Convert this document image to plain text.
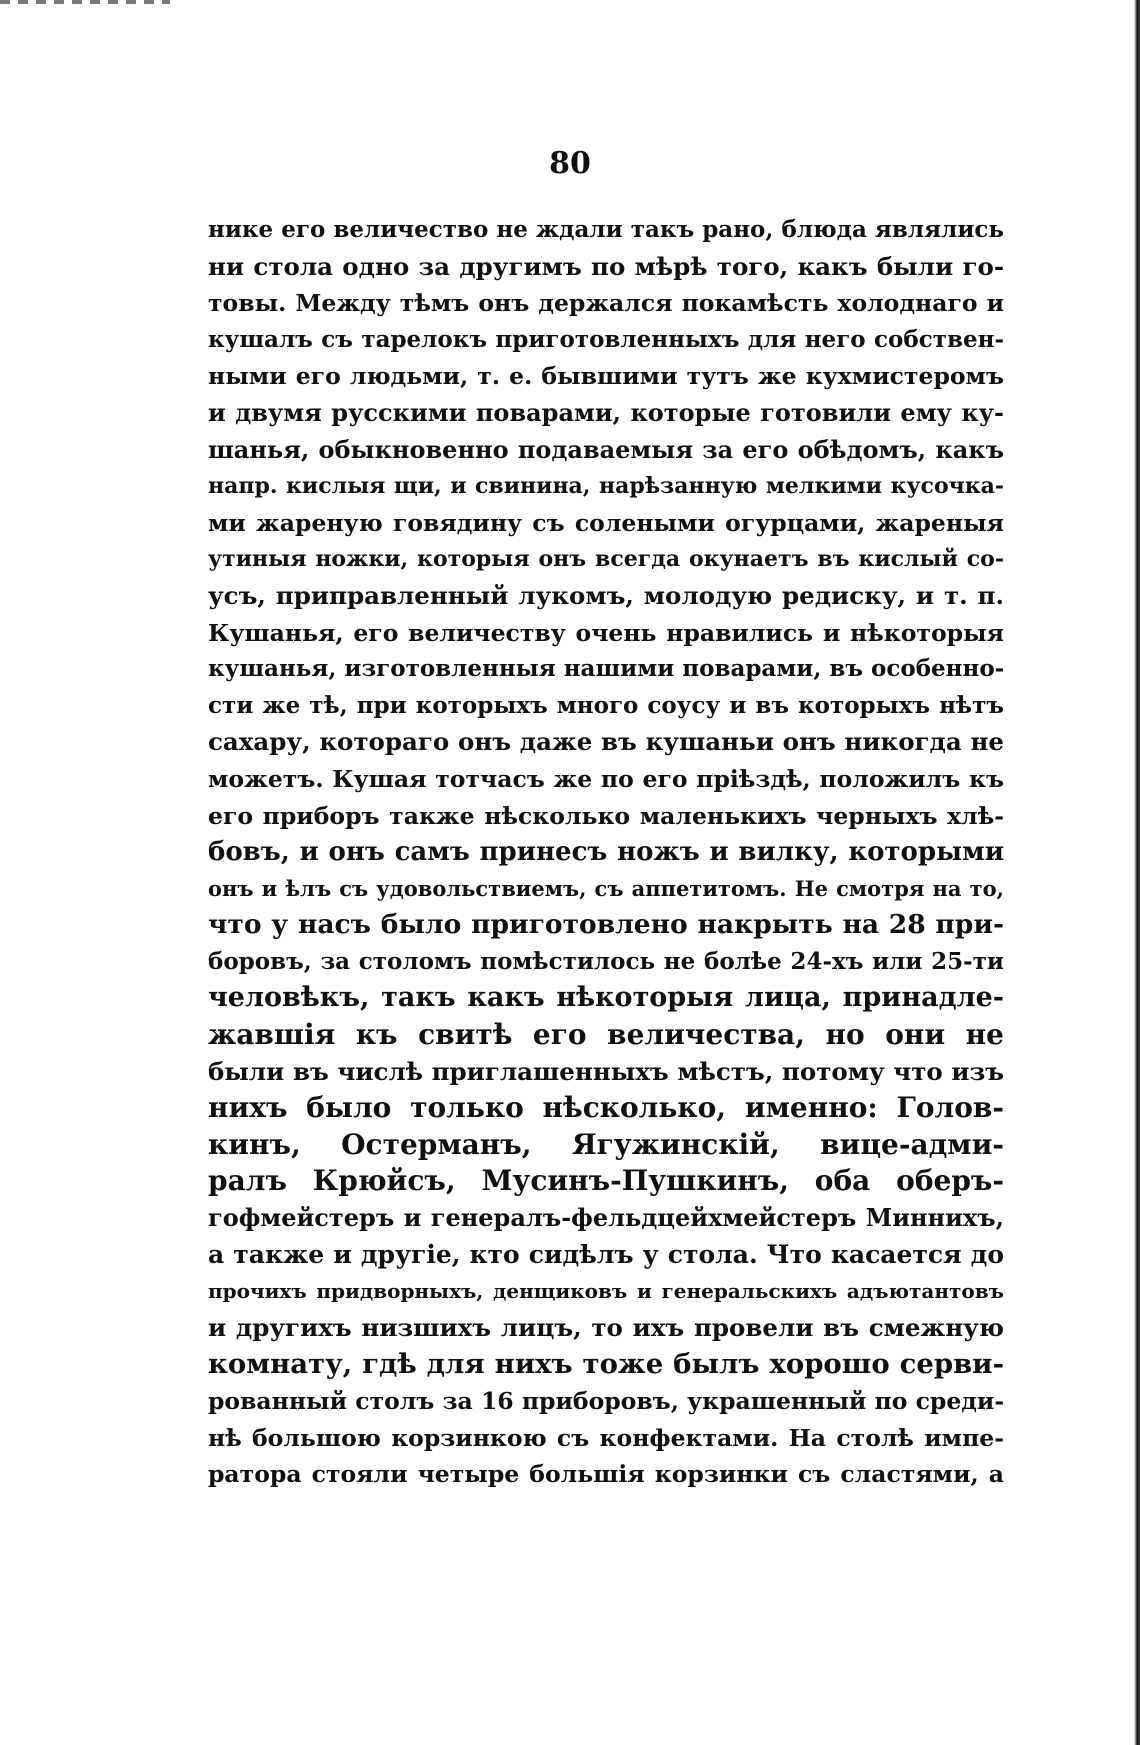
80
нике его величество не ждали такъ рано, блюда являлись
ни стола одно за другимъ по мѣрѣ того, какъ были го-
товы. Между тѣмъ онъ держался покамѣсть холоднаго и
кушалъ съ тарелокъ приготовленныхъ для него собствен-
ными его людьми, т. е. бывшими тутъ же кухмистеромъ
и двумя русскими поварами, которые готовили ему ку-
шанья, обыкновенно подаваемыя за его обѣдомъ, какъ
напр. кислыя щи, и свинина, нарѣзанную мелкими кусочка-
ми жареную говядину съ солеными огурцами, жареныя
утиныя ножки, которыя онъ всегда окунаетъ въ кислый со-
усъ, приправленный лукомъ, молодую редиску, и т. п.
Кушанья, его величеству очень нравились и нѣкоторыя
кушанья, изготовленныя нашими поварами, въ особенно-
сти же тѣ, при которыхъ много соусу и въ которыхъ нѣтъ
сахару, котораго онъ даже въ кушаньи онъ никогда не
можетъ. Кушая тотчасъ же по его пріѣздѣ, положилъ къ
его приборъ также нѣсколько маленькихъ черныхъ хлѣ-
бовъ, и онъ самъ принесъ ножъ и вилку, которыми
онъ и ѣлъ съ удовольствиемъ, съ аппетитомъ. Не смотря на то,
что у насъ было приготовлено накрыть на 28 при-
боровъ, за столомъ помѣстилось не болѣе 24-хъ или 25-ти
человѣкъ, такъ какъ нѣкоторыя лица, принадле-
жавшія къ свитѣ его величества, но они не
были въ числѣ приглашенныхъ мѣстъ, потому что изъ
нихъ было только нѣсколько, именно: Голов-
кинъ, Остерманъ, Ягужинскій, вице-адми-
ралъ Крюйсъ, Мусинъ-Пушкинъ, оба оберъ-
гофмейстеръ и генералъ-фельдцейхмейстеръ Миннихъ,
а также и другіе, кто сидѣлъ у стола. Что касается до
прочихъ придворныхъ, денщиковъ и генеральскихъ адъютантовъ
и другихъ низшихъ лицъ, то ихъ провели въ смежную
комнату, гдѣ для нихъ тоже былъ хорошо серви-
рованный столъ за 16 приборовъ, украшенный по среди-
нѣ большою корзинкою съ конфектами. На столѣ импе-
ратора стояли четыре большія корзинки съ сластями, а
